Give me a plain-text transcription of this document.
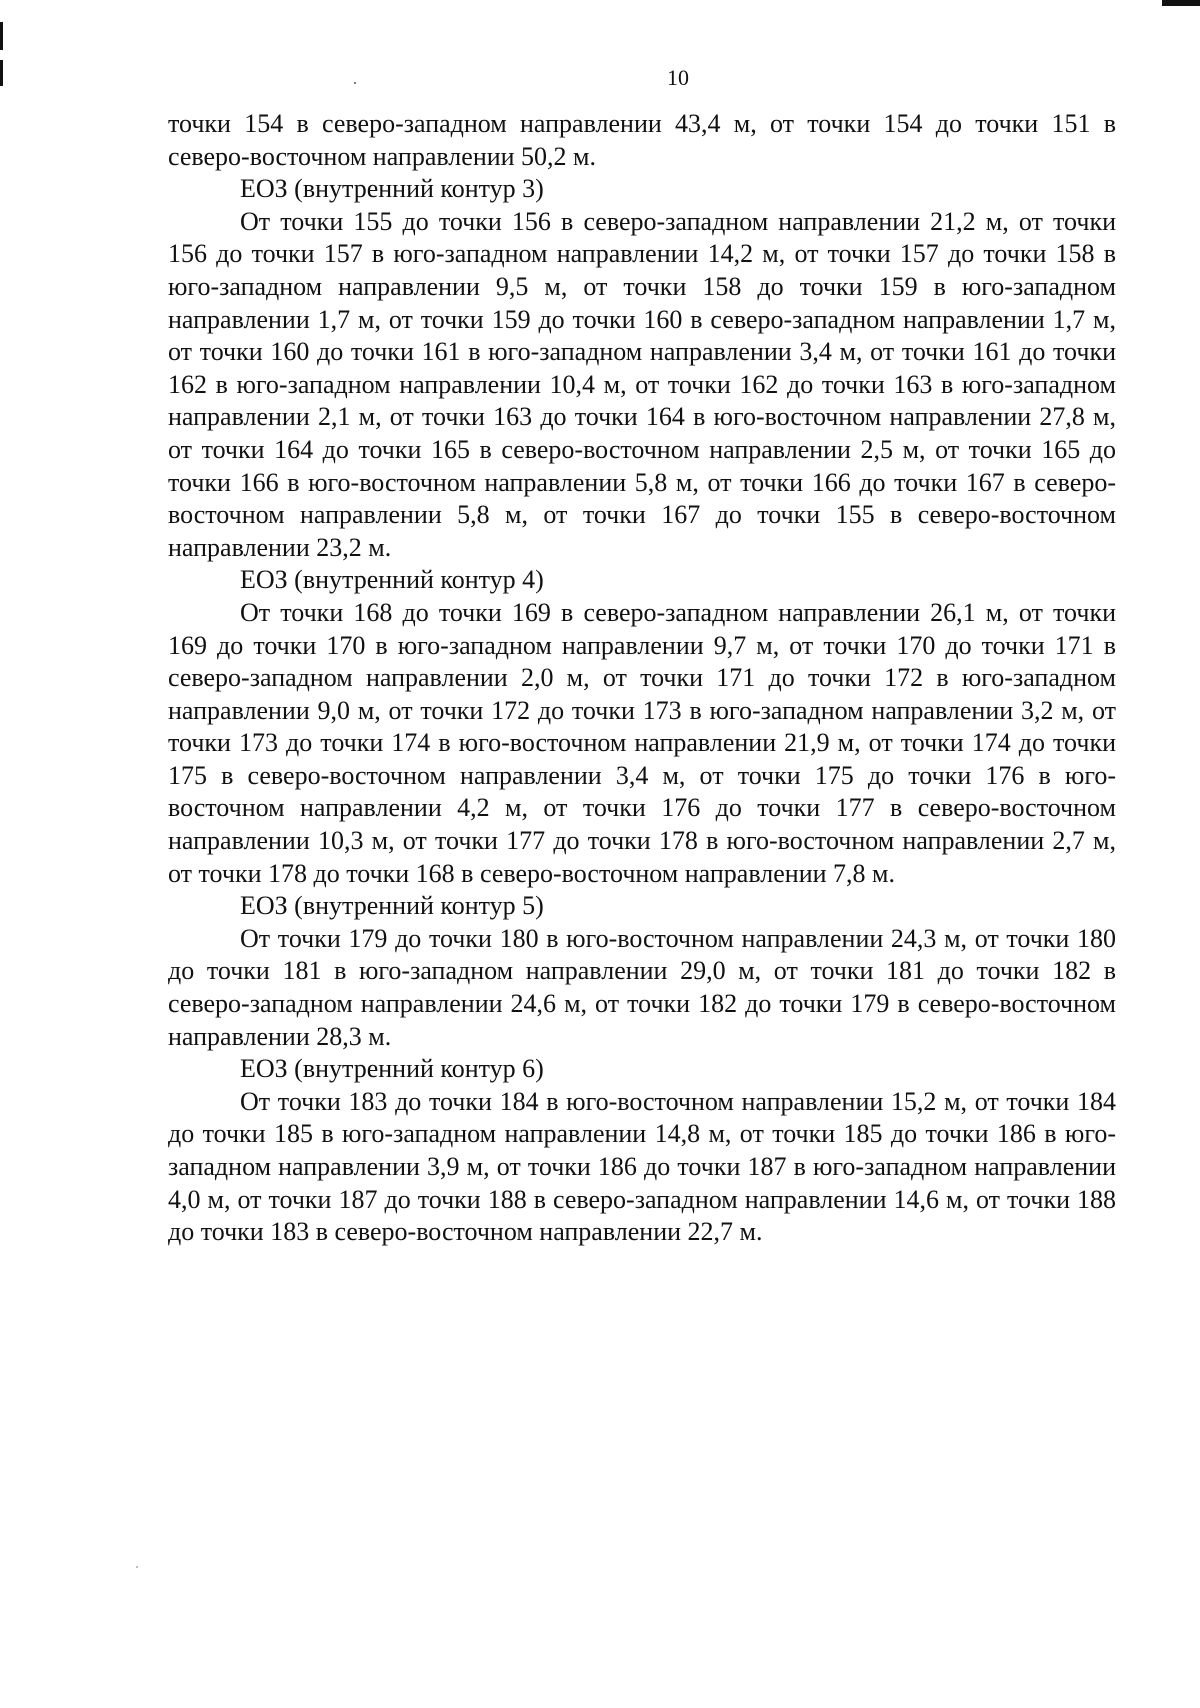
10

точки 154 в северо-западном направлении 43,4 м, от точки 154 до точки 151 в северо-восточном направлении 50,2 м.

ЕОЗ (внутренний контур 3)

От точки 155 до точки 156 в северо-западном направлении 21,2 м, от точки 156 до точки 157 в юго-западном направлении 14,2 м, от точки 157 до точки 158 в юго-западном направлении 9,5 м, от точки 158 до точки 159 в юго-западном направлении 1,7 м, от точки 159 до точки 160 в северо-западном направлении 1,7 м, от точки 160 до точки 161 в юго-западном направлении 3,4 м, от точки 161 до точки 162 в юго-западном направлении 10,4 м, от точки 162 до точки 163 в юго-западном направлении 2,1 м, от точки 163 до точки 164 в юго-восточном направлении 27,8 м, от точки 164 до точки 165 в северо-восточном направлении 2,5 м, от точки 165 до точки 166 в юго-восточном направлении 5,8 м, от точки 166 до точки 167 в северо-восточном направлении 5,8 м, от точки 167 до точки 155 в северо-восточном направлении 23,2 м.

ЕОЗ (внутренний контур 4)

От точки 168 до точки 169 в северо-западном направлении 26,1 м, от точки 169 до точки 170 в юго-западном направлении 9,7 м, от точки 170 до точки 171 в северо-западном направлении 2,0 м, от точки 171 до точки 172 в юго-западном направлении 9,0 м, от точки 172 до точки 173 в юго-западном направлении 3,2 м, от точки 173 до точки 174 в юго-восточном направлении 21,9 м, от точки 174 до точки 175 в северо-восточном направлении 3,4 м, от точки 175 до точки 176 в юго-восточном направлении 4,2 м, от точки 176 до точки 177 в северо-восточном направлении 10,3 м, от точки 177 до точки 178 в юго-восточном направлении 2,7 м, от точки 178 до точки 168 в северо-восточном направлении 7,8 м.

ЕОЗ (внутренний контур 5)

От точки 179 до точки 180 в юго-восточном направлении 24,3 м, от точки 180 до точки 181 в юго-западном направлении 29,0 м, от точки 181 до точки 182 в северо-западном направлении 24,6 м, от точки 182 до точки 179 в северо-восточном направлении 28,3 м.

ЕОЗ (внутренний контур 6)

От точки 183 до точки 184 в юго-восточном направлении 15,2 м, от точки 184 до точки 185 в юго-западном направлении 14,8 м, от точки 185 до точки 186 в юго-западном направлении 3,9 м, от точки 186 до точки 187 в юго-западном направлении 4,0 м, от точки 187 до точки 188 в северо-западном направлении 14,6 м, от точки 188 до точки 183 в северо-восточном направлении 22,7 м.
